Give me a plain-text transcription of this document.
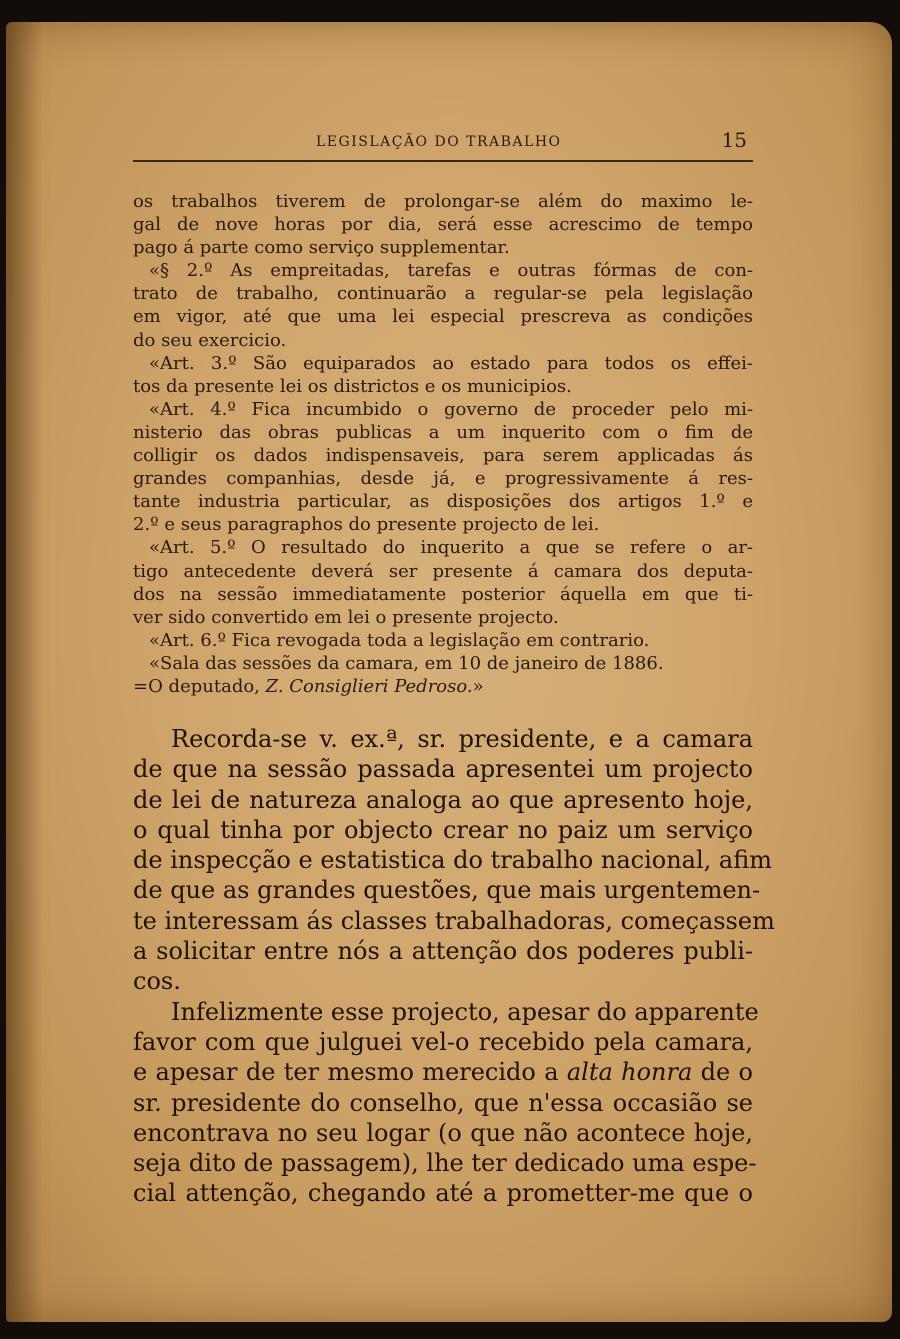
LEGISLAÇÃO DO TRABALHO	15
os trabalhos tiverem de prolongar-se além do maximo le-
gal de nove horas por dia, será esse acrescimo de tempo
pago á parte como serviço supplementar.
«§ 2.º As empreitadas, tarefas e outras fórmas de con-
trato de trabalho, continuarão a regular-se pela legislação
em vigor, até que uma lei especial prescreva as condições
do seu exercicio.
«Art. 3.º São equiparados ao estado para todos os effei-
tos da presente lei os districtos e os municipios.
«Art. 4.º Fica incumbido o governo de proceder pelo mi-
nisterio das obras publicas a um inquerito com o fim de
colligir os dados indispensaveis, para serem applicadas ás
grandes companhias, desde já, e progressivamente á res-
tante industria particular, as disposições dos artigos 1.º e
2.º e seus paragraphos do presente projecto de lei.
«Art. 5.º O resultado do inquerito a que se refere o ar-
tigo antecedente deverá ser presente á camara dos deputa-
dos na sessão immediatamente posterior áquella em que ti-
ver sido convertido em lei o presente projecto.
«Art. 6.º Fica revogada toda a legislação em contrario.
«Sala das sessões da camara, em 10 de janeiro de 1886.
=O deputado, Z. Consiglieri Pedroso.»
Recorda-se v. ex.ª, sr. presidente, e a camara
de que na sessão passada apresentei um projecto
de lei de natureza analoga ao que apresento hoje,
o qual tinha por objecto crear no paiz um serviço
de inspecção e estatistica do trabalho nacional, afim
de que as grandes questões, que mais urgentemen-
te interessam ás classes trabalhadoras, começassem
a solicitar entre nós a attenção dos poderes publi-
cos.
Infelizmente esse projecto, apesar do apparente
favor com que julguei vel-o recebido pela camara,
e apesar de ter mesmo merecido a alta honra de o
sr. presidente do conselho, que n'essa occasião se
encontrava no seu logar (o que não acontece hoje,
seja dito de passagem), lhe ter dedicado uma espe-
cial attenção, chegando até a prometter-me que o
